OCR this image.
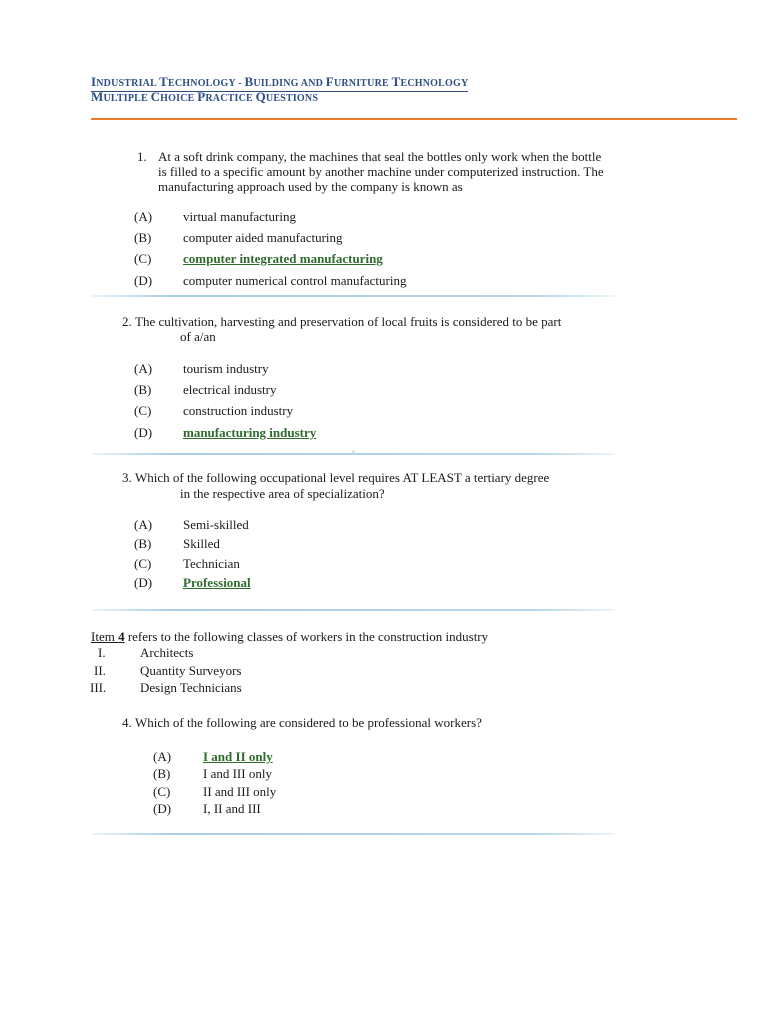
INDUSTRIAL TECHNOLOGY - BUILDING AND FURNITURE TECHNOLOGY
MULTIPLE CHOICE PRACTICE QUESTIONS
1. At a soft drink company, the machines that seal the bottles only work when the bottle
is filled to a specific amount by another machine under computerized instruction. The
manufacturing approach used by the company is known as
(A) virtual manufacturing
(B) computer aided manufacturing
(C) computer integrated manufacturing
(D) computer numerical control manufacturing
2. The cultivation, harvesting and preservation of local fruits is considered to be part
of a/an
(A) tourism industry
(B) electrical industry
(C) construction industry
(D) manufacturing industry
3. Which of the following occupational level requires AT LEAST a tertiary degree
in the respective area of specialization?
(A) Semi-skilled
(B) Skilled
(C) Technician
(D) Professional
Item 4 refers to the following classes of workers in the construction industry
I.	Architects
II.	Quantity Surveyors
III.	Design Technicians
4. Which of the following are considered to be professional workers?
(A) I and II only
(B)	I and III only
(C)	II and III only
(D) I, II and III
